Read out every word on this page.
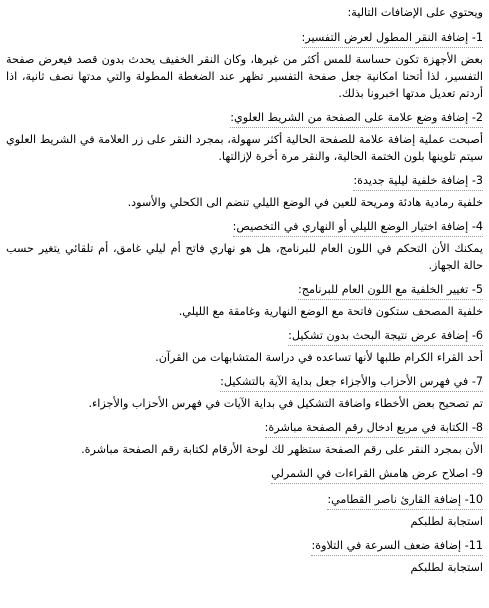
ويحتوي على الإضافات التالية:
1- إضافة النقر المطول لعرض التفسير:
بعض الأجهزة تكون حساسة للمس أكثر من غيرها، وكان النقر الخفيف يحدث بدون قصد فيعرض صفحة التفسير، لذا أتحنا امكانية جعل صفحة التفسير تظهر عند الضغطة المطولة والتي مدتها نصف ثانية، اذا أردتم تعديل مدتها اخبرونا بذلك.
2- إضافة وضع علامة على الصفحة من الشريط العلوي:
أصبحت عملية إضافة علامة للصفحة الحالية أكثر سهولة، بمجرد النقر على زر العلامة في الشريط العلوي سيتم تلوينها بلون الختمة الحالية، والنقر مرة أخرة لإزالتها.
3- إضافة خلفية ليلية جديدة:
خلفية رمادية هادئة ومريحة للعين في الوضع الليلي تنضم الى الكحلي والأسود.
4- إضافة اختيار الوضع الليلي أو النهاري في التخصيص:
يمكنك الأن التحكم في اللون العام للبرنامج، هل هو نهاري فاتح أم ليلي غامق، أم تلقائي يتغير حسب حالة الجهاز.
5- تغيير الخلفية مع اللون العام للبرنامج:
خلفية المصحف ستكون فاتحة مع الوضع النهارية وغامقة مع الليلي.
6- إضافة عرض نتيجة البحث بدون تشكيل:
أحد القراء الكرام طلبها لأنها تساعده في دراسة المتشابهات من القرآن.
7- في فهرس الأحزاب والأجزاء جعل بداية الآية بالتشكيل:
تم تصحيح بعض الأخطاء واضافة التشكيل في بداية الآيات في فهرس الأحزاب والأجزاء.
8- الكتابة في مربع ادخال رقم الصفحة مباشرة:
الأن بمجرد النقر على رقم الصفحة ستظهر لك لوحة الأرقام لكتابة رقم الصفحة مباشرة.
9- اصلاح عرض هامش القراءات في الشمرلي
10- إضافة القارئ ناصر القطامي:
استجابة لطلبكم
11- إضافة ضعف السرعة في التلاوة:
استجابة لطلبكم
